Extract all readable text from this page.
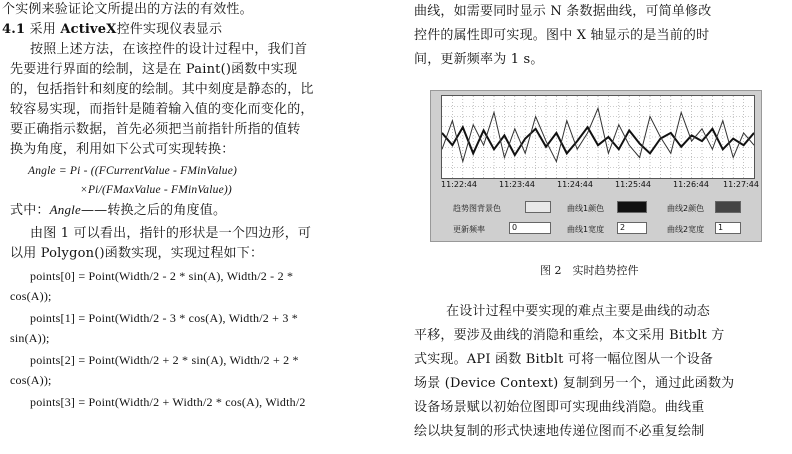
个实例来验证论文所提出的方法的有效性。
4.1 采用 ActiveX控件实现仪表显示
按照上述方法，在该控件的设计过程中，我们首
先要进行界面的绘制，这是在 Paint()函数中实现
的，包括指针和刻度的绘制。其中刻度是静态的，比
较容易实现，而指针是随着输入值的变化而变化的，
要正确指示数据，首先必须把当前指针所指的值转
换为角度，利用如下公式可实现转换：
Angle = Pi - ((FCurrentValue - FMinValue)
×Pi/(FMaxValue - FMinValue))
式中：Angle——转换之后的角度值。
由图 1 可以看出，指针的形状是一个四边形，可
以用 Polygon()函数实现，实现过程如下：
points[0] = Point(Width/2 - 2 * sin(A), Width/2 - 2 *
cos(A));
points[1] = Point(Width/2 - 3 * cos(A), Width/2 + 3 *
sin(A));
points[2] = Point(Width/2 + 2 * sin(A), Width/2 + 2 *
cos(A));
points[3] = Point(Width/2 + Width/2 * cos(A), Width/2
曲线，如需要同时显示 N 条数据曲线，可简单修改
控件的属性即可实现。图中 X 轴显示的是当前的时
间，更新频率为 1 s。
在设计过程中要实现的难点主要是曲线的动态
平移，要涉及曲线的消隐和重绘，本文采用 Bitblt 方
式实现。API 函数 Bitblt 可将一幅位图从一个设备
场景 (Device Context) 复制到另一个，通过此函数为
设备场景赋以初始位图即可实现曲线消隐。曲线重
绘以块复制的形式快速地传递位图而不必重复绘制
11:22:44	11:23:44	11:24:44	11:25:44	11:26:44 11:27:44
趋势图背景色	曲线1颜色	曲线2颜色
更新频率	0	曲线1宽度	2	曲线2宽度	1
图 2　实时趋势控件
